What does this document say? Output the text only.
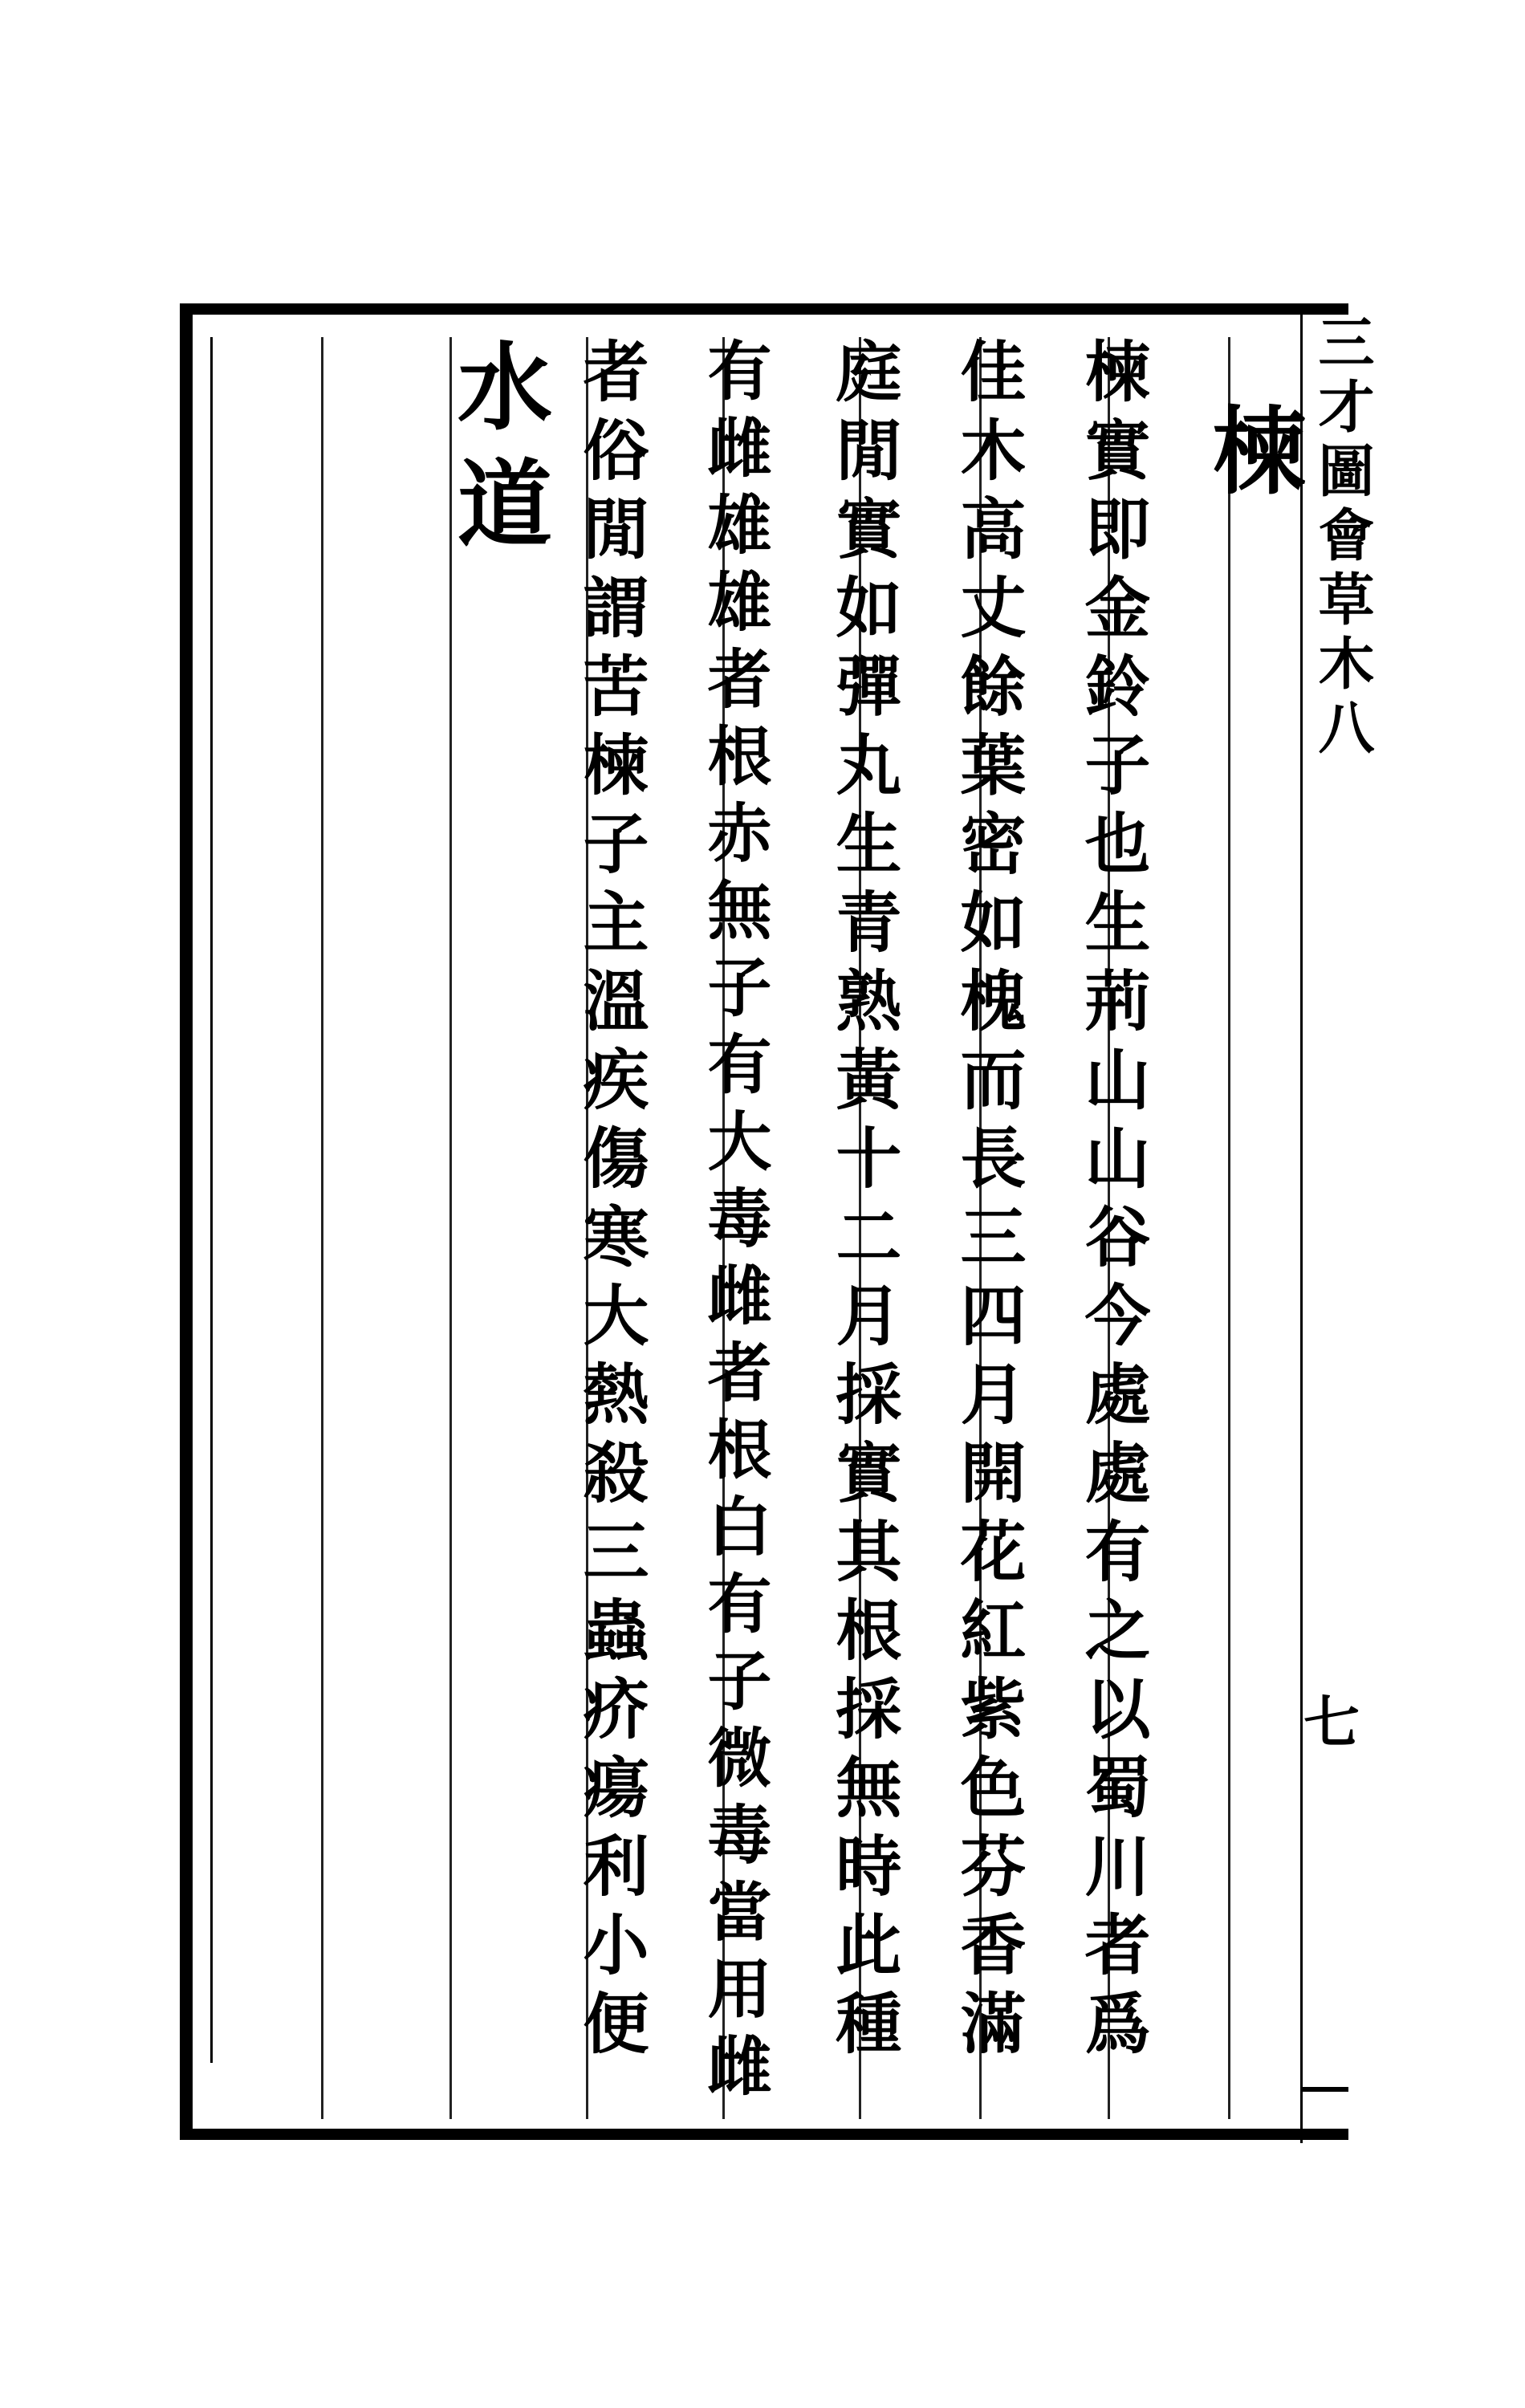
三才圖會草木八
七
楝
楝實即金鈴子也生荊山山谷今處處有之以蜀川者爲
佳木高丈餘葉密如槐而長三四月開花紅紫色芬香滿
庭閒實如彈丸生青熟黃十二月採實其根採無時此種
有雌雄雄者根赤無子有大毒雌者根白有子微毒當用雌
者俗閒謂苦楝子主溫疾傷寒大熱殺三蟲疥瘍利小便
水道
